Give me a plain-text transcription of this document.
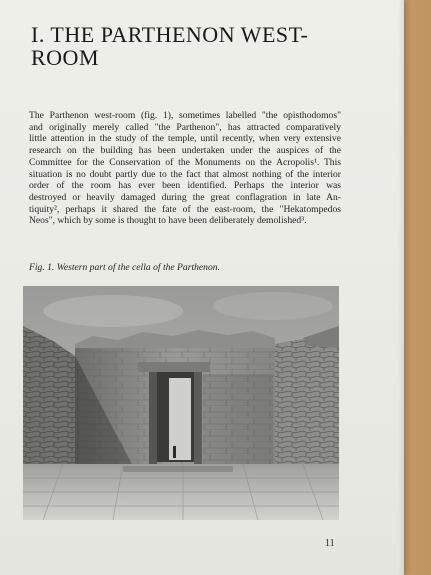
I. THE PARTHENON WEST-
ROOM
The Parthenon west-room (fig. 1), sometimes labelled "the opisthodomos"
and originally merely called "the Parthenon", has attracted comparatively
little attention in the study of the temple, until recently, when very extensive
research on the building has been undertaken under the auspices of the
Committee for the Conservation of the Monuments on the Acropolis¹. This
situation is no doubt partly due to the fact that almost nothing of the interior
order of the room has ever been identified. Perhaps the interior was
destroyed or heavily damaged during the great conflagration in late An-
tiquity², perhaps it shared the fate of the east-room, the "Hekatompedos
Neos", which by some is thought to have been deliberately demolished³.
Fig. 1. Western part of the cella of the Parthenon.
11
